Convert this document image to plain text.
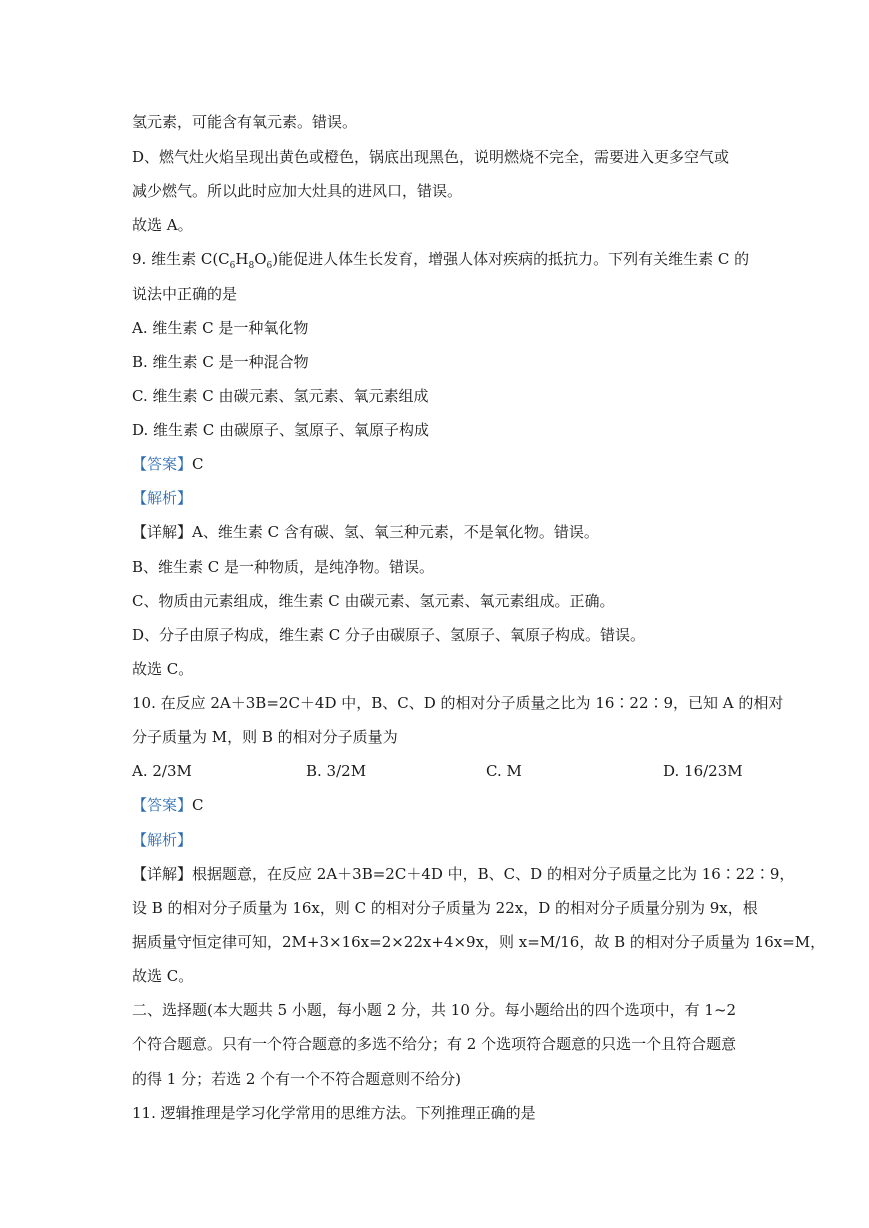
氢元素，可能含有氧元素。错误。
D、燃气灶火焰呈现出黄色或橙色，锅底出现黑色，说明燃烧不完全，需要进入更多空气或
减少燃气。所以此时应加大灶具的进风口，错误。
故选 A。
9. 维生素 $C(C_6H_8O_6)$能促进人体生长发育，增强人体对疾病的抵抗力。下列有关维生素 C 的
说法中正确的是
A. 维生素 C 是一种氧化物
B. 维生素 C 是一种混合物
C. 维生素 C 由碳元素、氢元素、氧元素组成
D. 维生素 C 由碳原子、氢原子、氧原子构成
【答案】C
【解析】
【详解】A、维生素 C 含有碳、氢、氧三种元素，不是氧化物。错误。
B、维生素 C 是一种物质，是纯净物。错误。
C、物质由元素组成，维生素 C 由碳元素、氢元素、氧元素组成。正确。
D、分子由原子构成，维生素 C 分子由碳原子、氢原子、氧原子构成。错误。
故选 C。
10. 在反应 2A＋3B=2C＋4D 中，B、C、D 的相对分子质量之比为 16∶22∶9，已知 A 的相对
分子质量为 M，则 B 的相对分子质量为
A. 2/3M	B. 3/2M	C. M	D. 16/23M
【答案】C
【解析】
【详解】根据题意，在反应 2A＋3B=2C＋4D 中，B、C、D 的相对分子质量之比为 16∶22∶9，
设 B 的相对分子质量为 16x，则 C 的相对分子质量为 22x，D 的相对分子质量分别为 9x，根
据质量守恒定律可知，2M+3×16x=2×22x+4×9x，则 x=M/16，故 B 的相对分子质量为 16x=M，
故选 C。
二、选择题(本大题共 5 小题，每小题 2 分，共 10 分。每小题给出的四个选项中，有 1~2
个符合题意。只有一个符合题意的多选不给分；有 2 个选项符合题意的只选一个且符合题意
的得 1 分；若选 2 个有一个不符合题意则不给分)
11. 逻辑推理是学习化学常用的思维方法。下列推理正确的是
